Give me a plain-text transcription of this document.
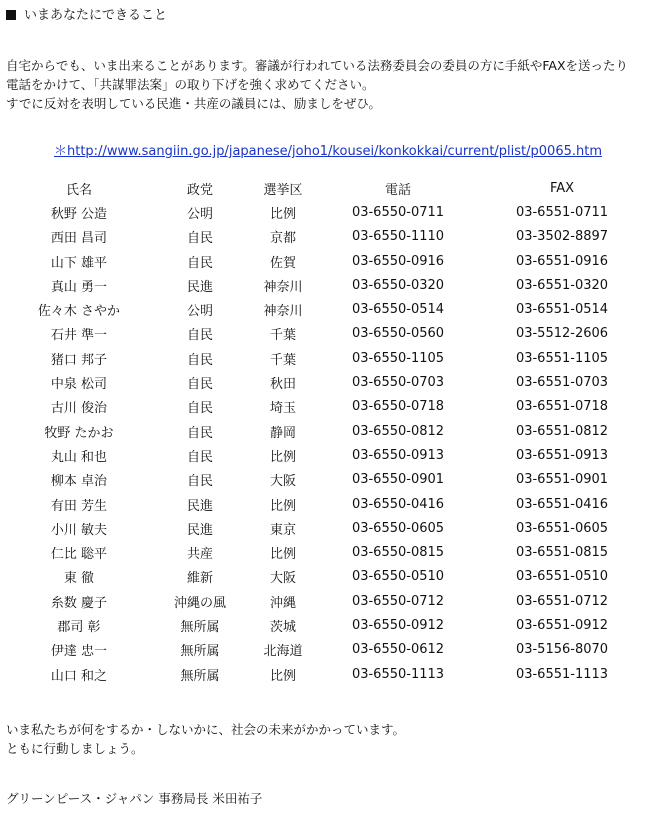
いまあなたにできること

自宅からでも、いま出来ることがあります。審議が行われている法務委員会の委員の方に手紙やFAXを送ったり

電話をかけて、「共謀罪法案」の取り下げを強く求めてください。

すでに反対を表明している民進・共産の議員には、励ましをぜひ。

＊http://www.sangiin.go.jp/japanese/joho1/kousei/konkokkai/current/plist/p0065.htm
氏名	政党	選挙区	電話	FAX
秋野 公造	公明	比例	03-6550-0711	03-6551-0711
西田 昌司	自民	京都	03-6550-1110	03-3502-8897
山下 雄平	自民	佐賀	03-6550-0916	03-6551-0916
真山 勇一	民進	神奈川	03-6550-0320	03-6551-0320
佐々木 さやか	公明	神奈川	03-6550-0514	03-6551-0514
石井 準一	自民	千葉	03-6550-0560	03-5512-2606
猪口 邦子	自民	千葉	03-6550-1105	03-6551-1105
中泉 松司	自民	秋田	03-6550-0703	03-6551-0703
古川 俊治	自民	埼玉	03-6550-0718	03-6551-0718
牧野 たかお	自民	静岡	03-6550-0812	03-6551-0812
丸山 和也	自民	比例	03-6550-0913	03-6551-0913
柳本 卓治	自民	大阪	03-6550-0901	03-6551-0901
有田 芳生	民進	比例	03-6550-0416	03-6551-0416
小川 敏夫	民進	東京	03-6550-0605	03-6551-0605
仁比 聡平	共産	比例	03-6550-0815	03-6551-0815
東 徹	維新	大阪	03-6550-0510	03-6551-0510
糸数 慶子	沖縄の風	沖縄	03-6550-0712	03-6551-0712
郡司 彰	無所属	茨城	03-6550-0912	03-6551-0912
伊達 忠一	無所属	北海道	03-6550-0612	03-5156-8070
山口 和之	無所属	比例	03-6550-1113	03-6551-1113

いま私たちが何をするか・しないかに、社会の未来がかかっています。

ともに行動しましょう。

グリーンピース・ジャパン 事務局長 米田祐子
